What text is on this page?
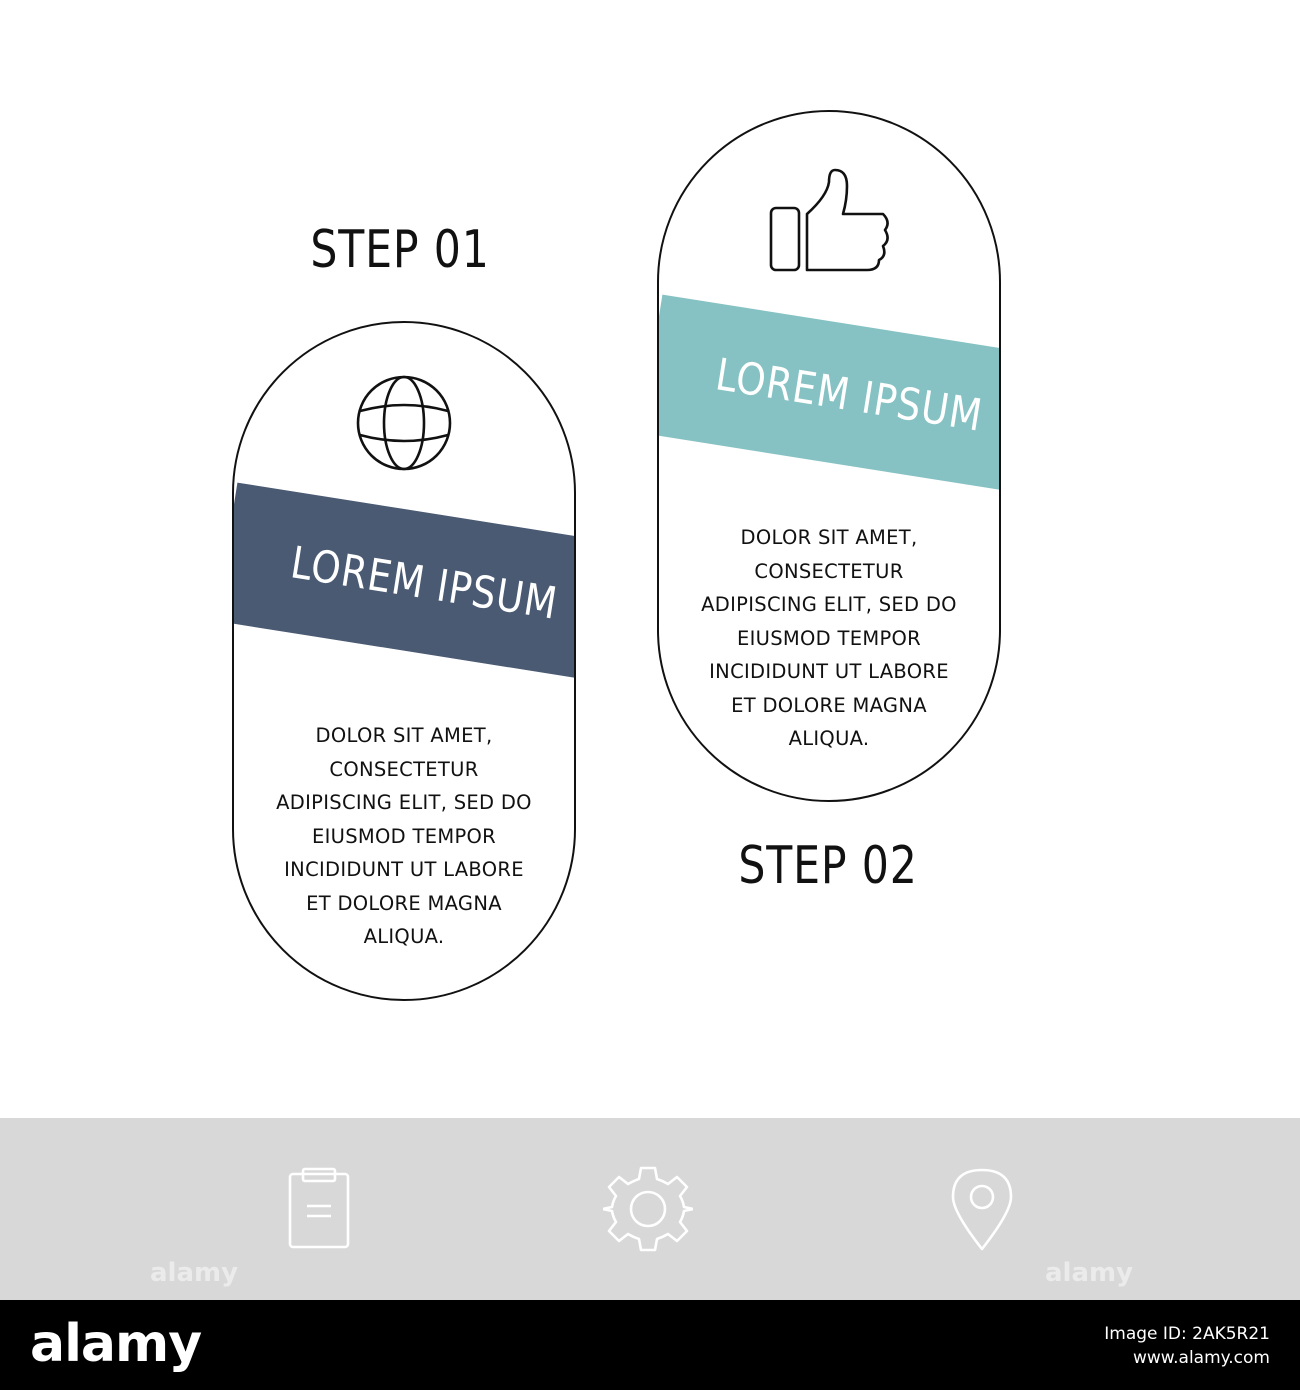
STEP 01
LOREM IPSUM
DOLOR SIT AMET,
CONSECTETUR
ADIPISCING ELIT, SED DO
EIUSMOD TEMPOR
INCIDIDUNT UT LABORE
ET DOLORE MAGNA
ALIQUA.
LOREM IPSUM
DOLOR SIT AMET,
CONSECTETUR
ADIPISCING ELIT, SED DO
EIUSMOD TEMPOR
INCIDIDUNT UT LABORE
ET DOLORE MAGNA
ALIQUA.
STEP 02
alamy	alamy
alamy	Image ID: 2AK5R21
www.alamy.com
